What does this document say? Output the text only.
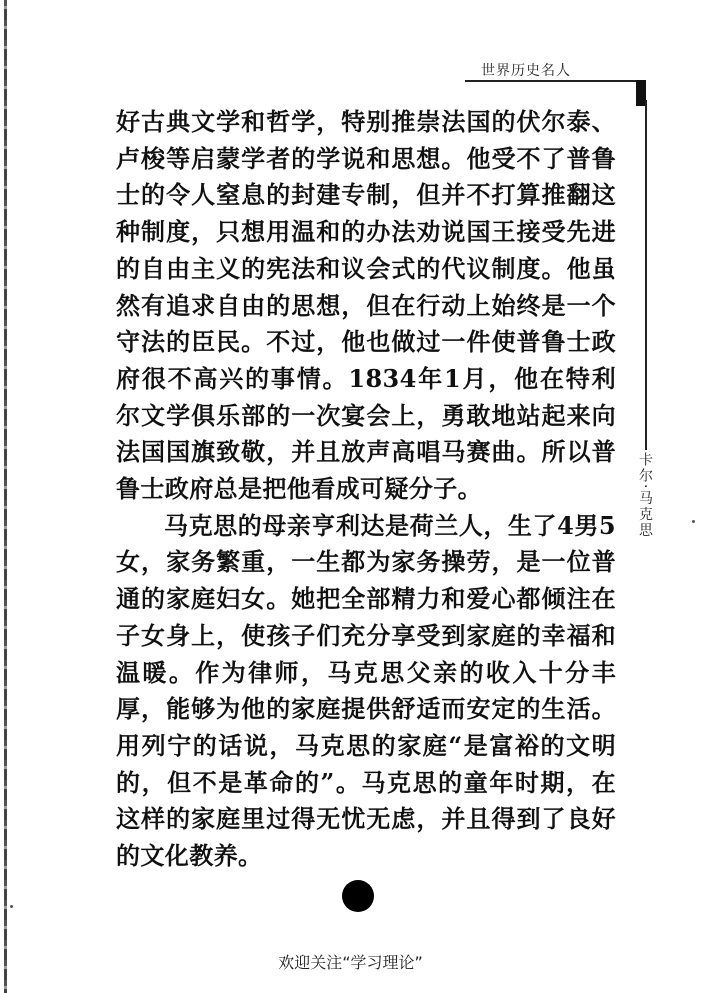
世界历史名人
卡尔·马克思

好古典文学和哲学，特别推崇法国的伏尔泰、卢梭等启蒙学者的学说和思想。他受不了普鲁士的令人窒息的封建专制，但并不打算推翻这种制度，只想用温和的办法劝说国王接受先进的自由主义的宪法和议会式的代议制度。他虽然有追求自由的思想，但在行动上始终是一个守法的臣民。不过，他也做过一件使普鲁士政府很不高兴的事情。1834年1月，他在特利尔文学俱乐部的一次宴会上，勇敢地站起来向法国国旗致敬，并且放声高唱马赛曲。所以普鲁士政府总是把他看成可疑分子。

马克思的母亲亨利达是荷兰人，生了4男5女，家务繁重，一生都为家务操劳，是一位普通的家庭妇女。她把全部精力和爱心都倾注在子女身上，使孩子们充分享受到家庭的幸福和温暖。作为律师，马克思父亲的收入十分丰厚，能够为他的家庭提供舒适而安定的生活。用列宁的话说，马克思的家庭“是富裕的文明的，但不是革命的”。马克思的童年时期，在这样的家庭里过得无忧无虑，并且得到了良好的文化教养。

欢迎关注“学习理论”
